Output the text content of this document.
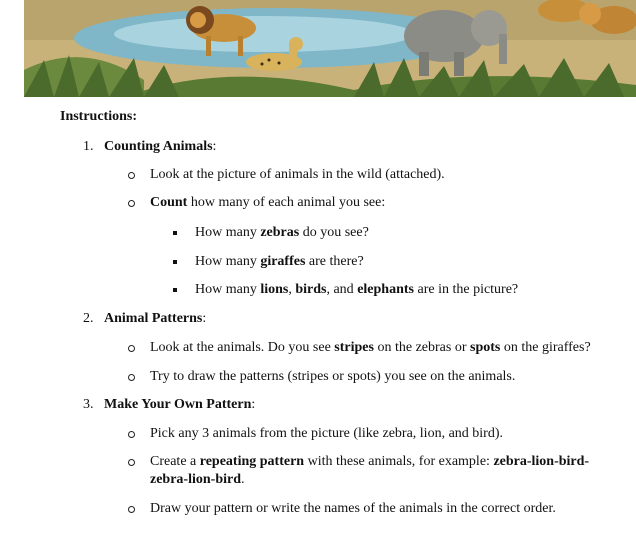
Instructions:
1. Counting Animals:
Look at the picture of animals in the wild (attached).
Count how many of each animal you see:
How many zebras do you see?
How many giraffes are there?
How many lions, birds, and elephants are in the picture?
2. Animal Patterns:
Look at the animals. Do you see stripes on the zebras or spots on the giraffes?
Try to draw the patterns (stripes or spots) you see on the animals.
3. Make Your Own Pattern:
Pick any 3 animals from the picture (like zebra, lion, and bird).
Create a repeating pattern with these animals, for example: zebra-lion-bird-
zebra-lion-bird.
Draw your pattern or write the names of the animals in the correct order.
